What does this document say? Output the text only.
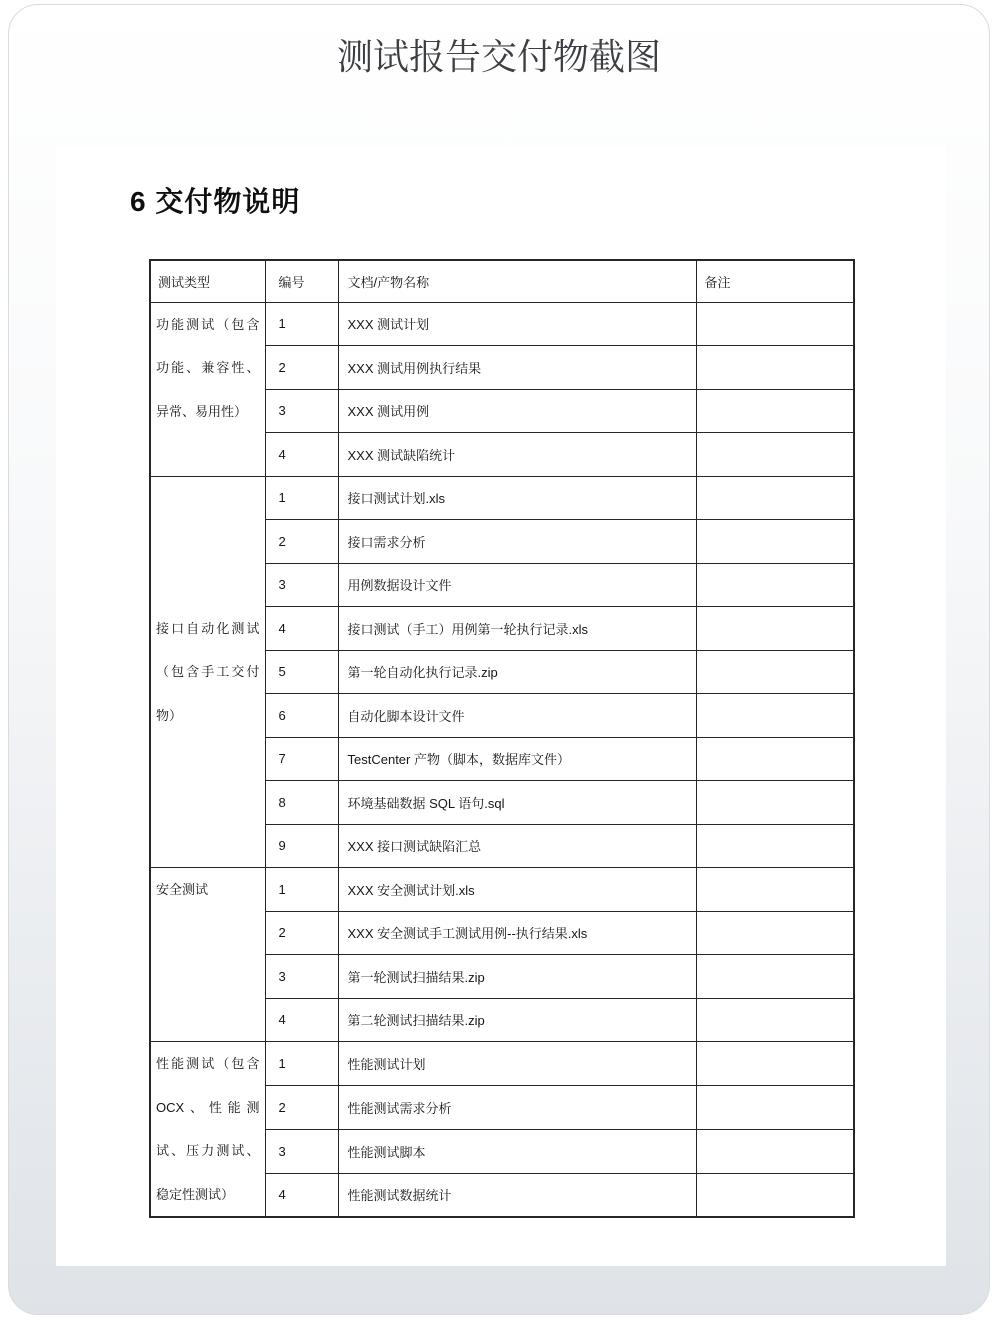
测试报告交付物截图
6 交付物说明
测试类型	编号	文档/产物名称	备注
功能测试（包含功能、兼容性、异常、易用性）	1	XXX 测试计划	
	2	XXX 测试用例执行结果	
	3	XXX 测试用例	
	4	XXX 测试缺陷统计	
接口自动化测试（包含手工交付物）	1	接口测试计划.xls	
	2	接口需求分析	
	3	用例数据设计文件	
	4	接口测试（手工）用例第一轮执行记录.xls	
	5	第一轮自动化执行记录.zip	
	6	自动化脚本设计文件	
	7	TestCenter 产物（脚本，数据库文件）	
	8	环境基础数据 SQL 语句.sql	
	9	XXX 接口测试缺陷汇总	
安全测试	1	XXX 安全测试计划.xls	
	2	XXX 安全测试手工测试用例--执行结果.xls	
	3	第一轮测试扫描结果.zip	
	4	第二轮测试扫描结果.zip	
性能测试（包含OCX、性能测试、压力测试、稳定性测试）	1	性能测试计划	
	2	性能测试需求分析	
	3	性能测试脚本	
	4	性能测试数据统计	
